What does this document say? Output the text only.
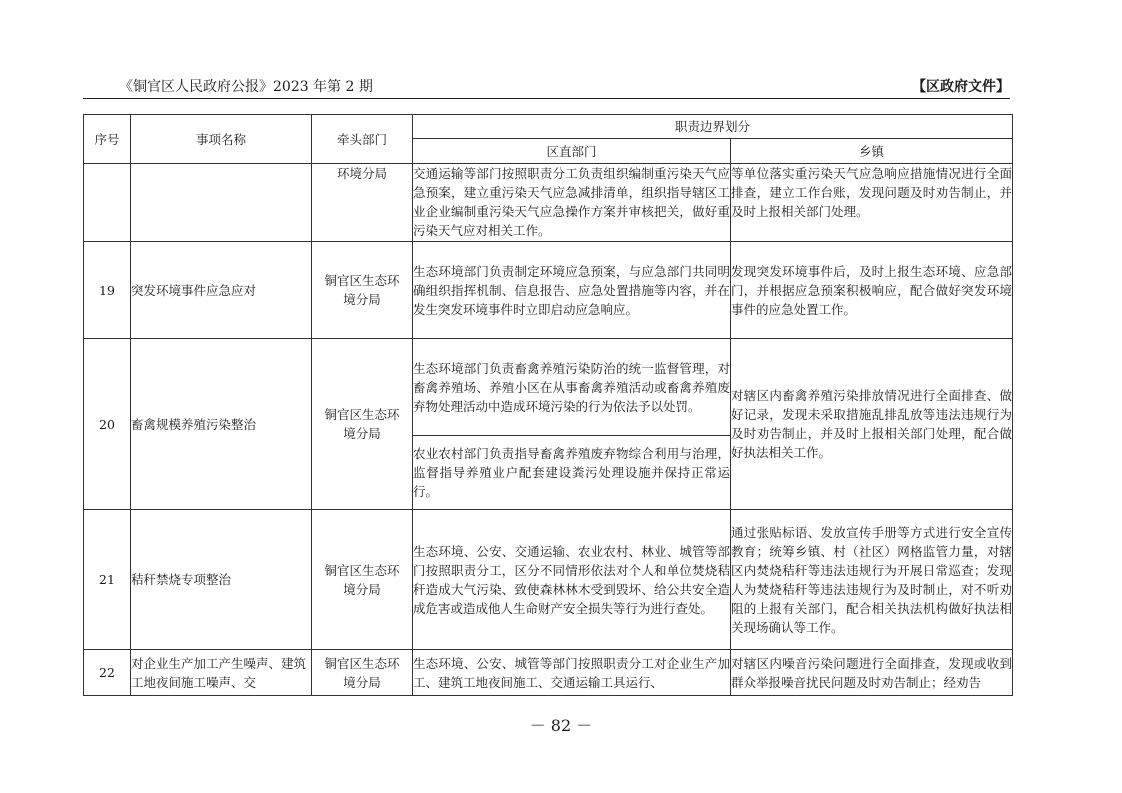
《铜官区人民政府公报》2023 年第 2 期	【区政府文件】
序号	事项名称	牵头部门	职责边界划分	
			区直部门	乡镇
		环境分局	交通运输等部门按照职责分工负责组织编制重污染天气应急预案，建立重污染天气应急减排清单，组织指导辖区工业企业编制重污染天气应急操作方案并审核把关，做好重污染天气应对相关工作。	等单位落实重污染天气应急响应措施情况进行全面排查，建立工作台账，发现问题及时劝告制止，并及时上报相关部门处理。
19	突发环境事件应急应对	铜官区生态环境分局	生态环境部门负责制定环境应急预案，与应急部门共同明确组织指挥机制、信息报告、应急处置措施等内容，并在发生突发环境事件时立即启动应急响应。	发现突发环境事件后，及时上报生态环境、应急部门，并根据应急预案积极响应，配合做好突发环境事件的应急处置工作。
20	畜禽规模养殖污染整治	铜官区生态环境分局	生态环境部门负责畜禽养殖污染防治的统一监督管理，对畜禽养殖场、养殖小区在从事畜禽养殖活动或畜禽养殖废弃物处理活动中造成环境污染的行为依法予以处罚。	对辖区内畜禽养殖污染排放情况进行全面排查、做好记录，发现未采取措施乱排乱放等违法违规行为及时劝告制止，并及时上报相关部门处理，配合做好执法相关工作。
			农业农村部门负责指导畜禽养殖废弃物综合利用与治理，监督指导养殖业户配套建设粪污处理设施并保持正常运行。	
21	秸秆禁烧专项整治	铜官区生态环境分局	生态环境、公安、交通运输、农业农村、林业、城管等部门按照职责分工，区分不同情形依法对个人和单位焚烧秸秆造成大气污染、致使森林林木受到毁坏、给公共安全造成危害或造成他人生命财产安全损失等行为进行查处。	通过张贴标语、发放宣传手册等方式进行安全宣传教育；统筹乡镇、村（社区）网格监管力量，对辖区内焚烧秸秆等违法违规行为开展日常巡查；发现人为焚烧秸秆等违法违规行为及时制止，对不听劝阻的上报有关部门，配合相关执法机构做好执法相关现场确认等工作。
22	对企业生产加工产生噪声、建筑工地夜间施工噪声、交	铜官区生态环境分局	生态环境、公安、城管等部门按照职责分工对企业生产加工、建筑工地夜间施工、交通运输工具运行、	对辖区内噪音污染问题进行全面排查，发现或收到群众举报噪音扰民问题及时劝告制止；经劝告
－ 82 －
